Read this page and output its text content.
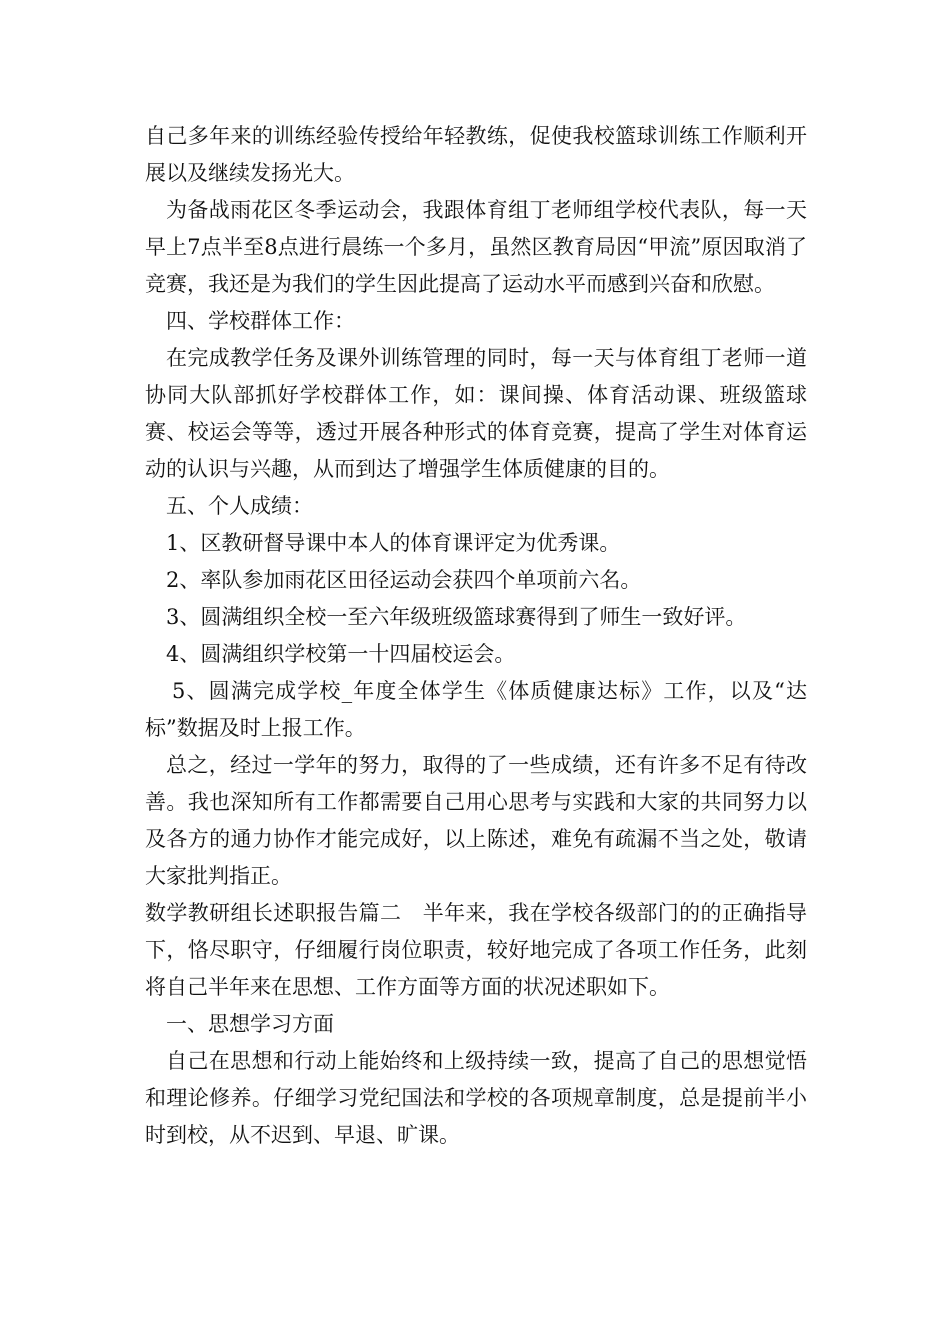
自己多年来的训练经验传授给年轻教练，促使我校篮球训练工作顺利开展以及继续发扬光大。

为备战雨花区冬季运动会，我跟体育组丁老师组学校代表队，每一天早上7点半至8点进行晨练一个多月，虽然区教育局因“甲流”原因取消了竞赛，我还是为我们的学生因此提高了运动水平而感到兴奋和欣慰。

四、学校群体工作：

在完成教学任务及课外训练管理的同时，每一天与体育组丁老师一道协同大队部抓好学校群体工作，如：课间操、体育活动课、班级篮球赛、校运会等等，透过开展各种形式的体育竞赛，提高了学生对体育运动的认识与兴趣，从而到达了增强学生体质健康的目的。

五、个人成绩：

1、区教研督导课中本人的体育课评定为优秀课。

2、率队参加雨花区田径运动会获四个单项前六名。

3、圆满组织全校一至六年级班级篮球赛得到了师生一致好评。

4、圆满组织学校第一十四届校运会。

5、圆满完成学校_年度全体学生《体质健康达标》工作，以及“达标”数据及时上报工作。

总之，经过一学年的努力，取得的了一些成绩，还有许多不足有待改善。我也深知所有工作都需要自己用心思考与实践和大家的共同努力以及各方的通力协作才能完成好，以上陈述，难免有疏漏不当之处，敬请大家批判指正。

数学教研组长述职报告篇二　半年来，我在学校各级部门的的正确指导下，恪尽职守，仔细履行岗位职责，较好地完成了各项工作任务，此刻将自己半年来在思想、工作方面等方面的状况述职如下。

一、思想学习方面

自己在思想和行动上能始终和上级持续一致，提高了自己的思想觉悟和理论修养。仔细学习党纪国法和学校的各项规章制度，总是提前半小时到校，从不迟到、早退、旷课。
